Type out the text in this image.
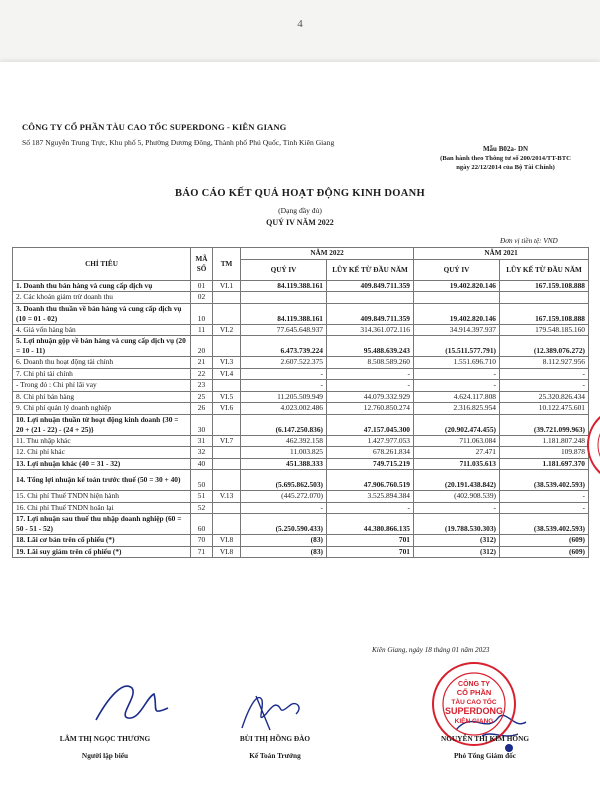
4
CÔNG TY CỔ PHẦN TÀU CAO TỐC SUPERDONG - KIÊN GIANG
Số 187 Nguyễn Trung Trực, Khu phố 5, Phường Dương Đông, Thành phố Phú Quốc, Tỉnh Kiên Giang
Mẫu B02a- DN
(Ban hành theo Thông tư số 200/2014/TT-BTC
ngày 22/12/2014 của Bộ Tài Chính)
BÁO CÁO KẾT QUẢ HOẠT ĐỘNG KINH DOANH
(Dạng đầy đủ)
QUÝ IV NĂM 2022
Đơn vị tiền tệ: VND
CHỈ TIÊU	MÃ SỐ	TM	NĂM 2022		NĂM 2021	
			QUÝ IV	LŨY KẾ TỪ ĐẦU NĂM	QUÝ IV	LŨY KẾ TỪ ĐẦU NĂM
1. Doanh thu bán hàng và cung cấp dịch vụ	01	VI.1	84.119.388.161	409.849.711.359	19.402.820.146	167.159.108.888
2. Các khoản giảm trừ doanh thu	02					
3. Doanh thu thuần về bán hàng và cung cấp dịch vụ (10 = 01 - 02)	10		84.119.388.161	409.849.711.359	19.402.820.146	167.159.108.888
4. Giá vốn hàng bán	11	VI.2	77.645.648.937	314.361.072.116	34.914.397.937	179.548.185.160
5. Lợi nhuận gộp về bán hàng và cung cấp dịch vụ (20 = 10 - 11)	20		6.473.739.224	95.488.639.243	(15.511.577.791)	(12.389.076.272)
6. Doanh thu hoạt động tài chính	21	VI.3	2.607.522.375	8.508.589.260	1.551.696.710	8.112.927.956
7. Chi phí tài chính	22	VI.4	-	-	-	-
- Trong đó : Chi phí lãi vay	23		-	-	-	-
8. Chi phí bán hàng	25	VI.5	11.205.509.949	44.079.332.929	4.624.117.808	25.320.826.434
9. Chi phí quản lý doanh nghiệp	26	VI.6	4.023.002.486	12.760.850.274	2.316.825.954	10.122.475.601
10. Lợi nhuận thuần từ hoạt động kinh doanh {30 = 20 + (21 - 22) - (24 + 25)}	30		(6.147.250.836)	47.157.045.300	(20.902.474.455)	(39.721.099.963)
11. Thu nhập khác	31	VI.7	462.392.158	1.427.977.053	711.063.084	1.181.807.248
12. Chi phí khác	32		11.003.825	678.261.834	27.471	109.878
13. Lợi nhuận khác (40 = 31 - 32)	40		451.388.333	749.715.219	711.035.613	1.181.697.370
14. Tổng lợi nhuận kế toán trước thuế (50 = 30 + 40)	50		(5.695.862.503)	47.906.760.519	(20.191.438.842)	(38.539.402.593)
15. Chi phí Thuế TNDN hiện hành	51	V.13	(445.272.070)	3.525.894.384	(402.908.539)	-
16. Chi phí Thuế TNDN hoãn lại	52		-	-	-	-
17. Lợi nhuận sau thuế thu nhập doanh nghiệp (60 = 50 - 51 - 52)	60		(5.250.590.433)	44.380.866.135	(19.788.530.303)	(38.539.402.593)
18. Lãi cơ bản trên cổ phiếu (*)	70	VI.8	(83)	701	(312)	(609)
19. Lãi suy giảm trên cổ phiếu (*)	71	VI.8	(83)	701	(312)	(609)
Kiên Giang, ngày 18 tháng 01 năm 2023
CÔNG TY
CỔ PHẦN
TÀU CAO TỐC
SUPERDONG
KIÊN GIANG
LÂM THỊ NGỌC THƯƠNG
Người lập biểu
BÙI THỊ HỒNG ĐÀO
Kế Toán Trưởng
NGUYỄN THỊ KIM HỒNG
Phó Tổng Giám đốc
